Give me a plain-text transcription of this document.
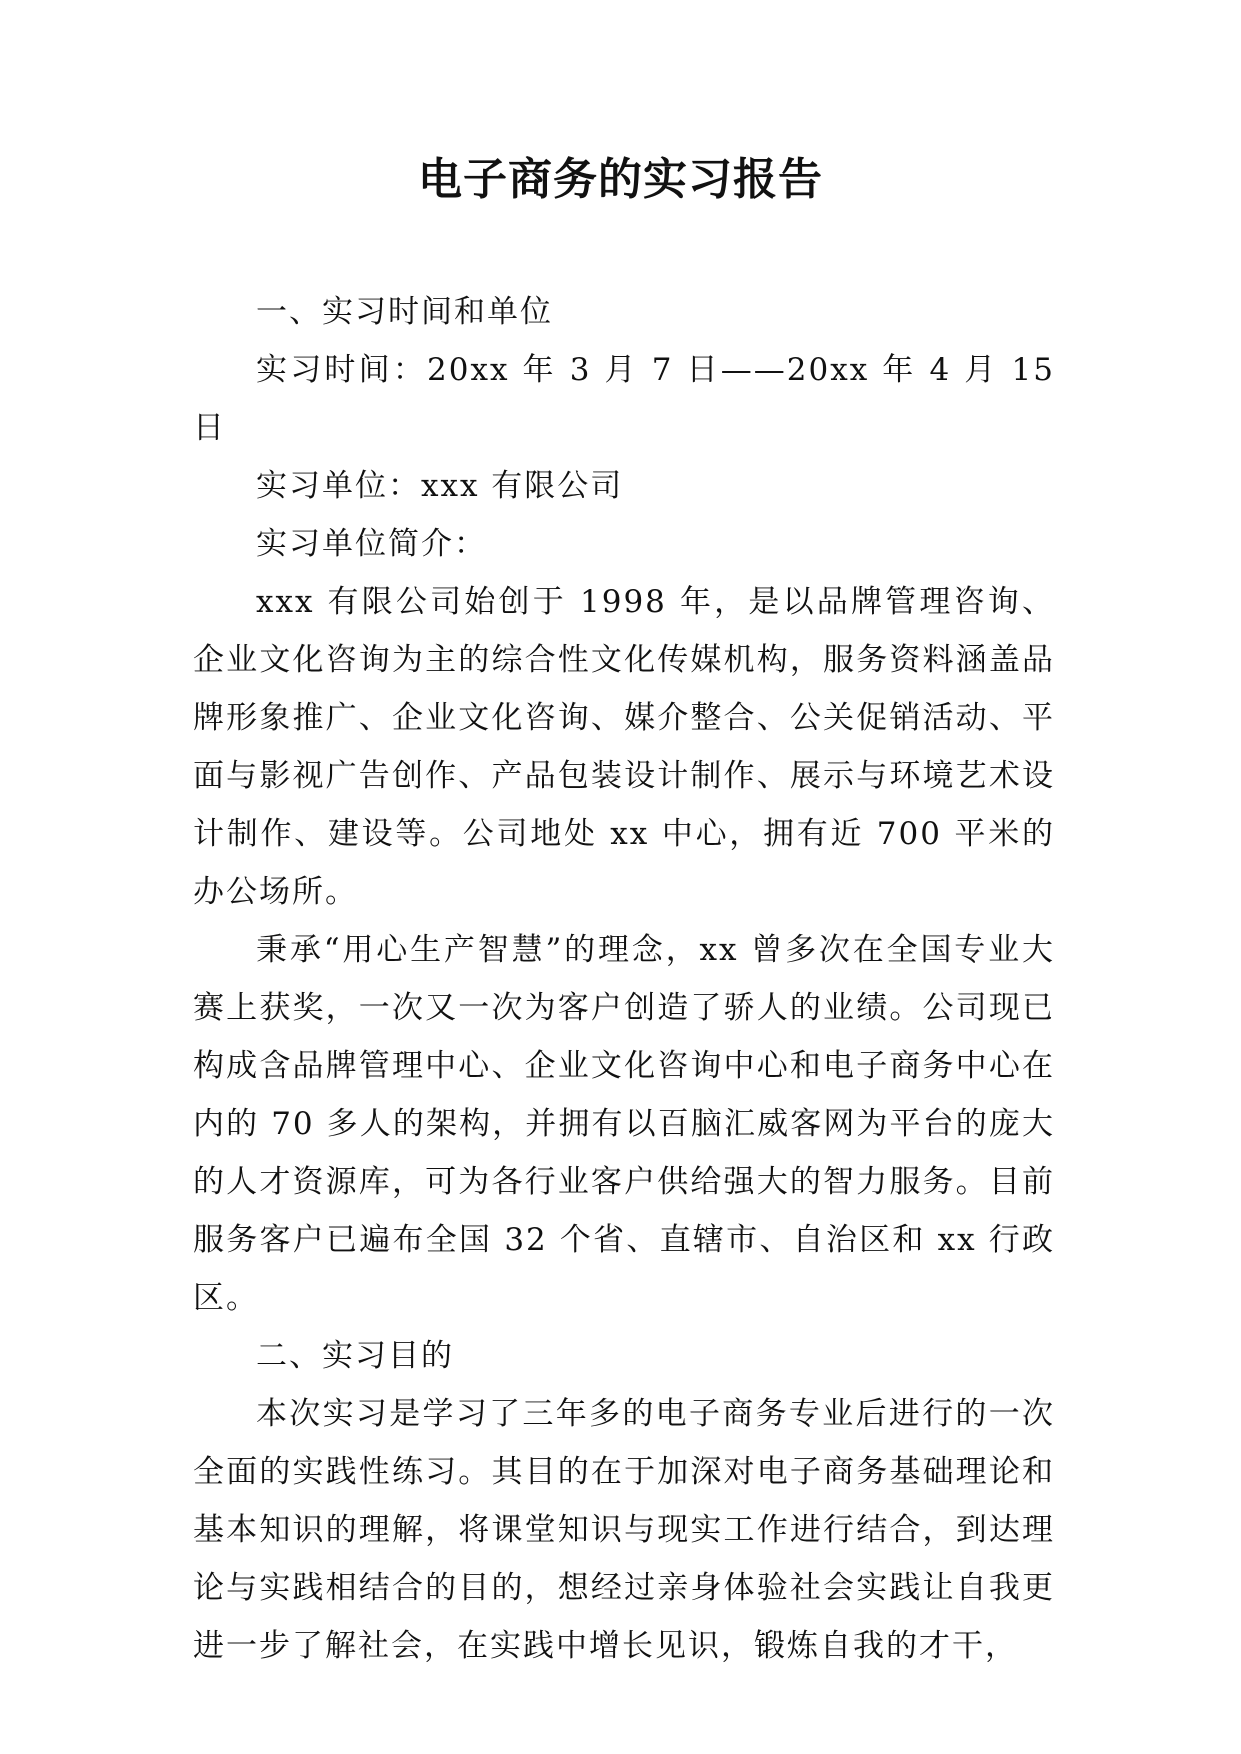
电子商务的实习报告

一、实习时间和单位

实习时间：20xx 年 3 月 7 日——20xx 年 4 月 15 日

实习单位：xxx 有限公司

实习单位简介：

xxx 有限公司始创于 1998 年，是以品牌管理咨询、企业文化咨询为主的综合性文化传媒机构，服务资料涵盖品牌形象推广、企业文化咨询、媒介整合、公关促销活动、平面与影视广告创作、产品包装设计制作、展示与环境艺术设计制作、建设等。公司地处 xx 中心，拥有近 700 平米的办公场所。

秉承“用心生产智慧”的理念，xx 曾多次在全国专业大赛上获奖，一次又一次为客户创造了骄人的业绩。公司现已构成含品牌管理中心、企业文化咨询中心和电子商务中心在内的 70 多人的架构，并拥有以百脑汇威客网为平台的庞大的人才资源库，可为各行业客户供给强大的智力服务。目前服务客户已遍布全国 32 个省、直辖市、自治区和 xx 行政区。

二、实习目的

本次实习是学习了三年多的电子商务专业后进行的一次全面的实践性练习。其目的在于加深对电子商务基础理论和基本知识的理解，将课堂知识与现实工作进行结合，到达理论与实践相结合的目的，想经过亲身体验社会实践让自我更进一步了解社会，在实践中增长见识，锻炼自我的才干，
